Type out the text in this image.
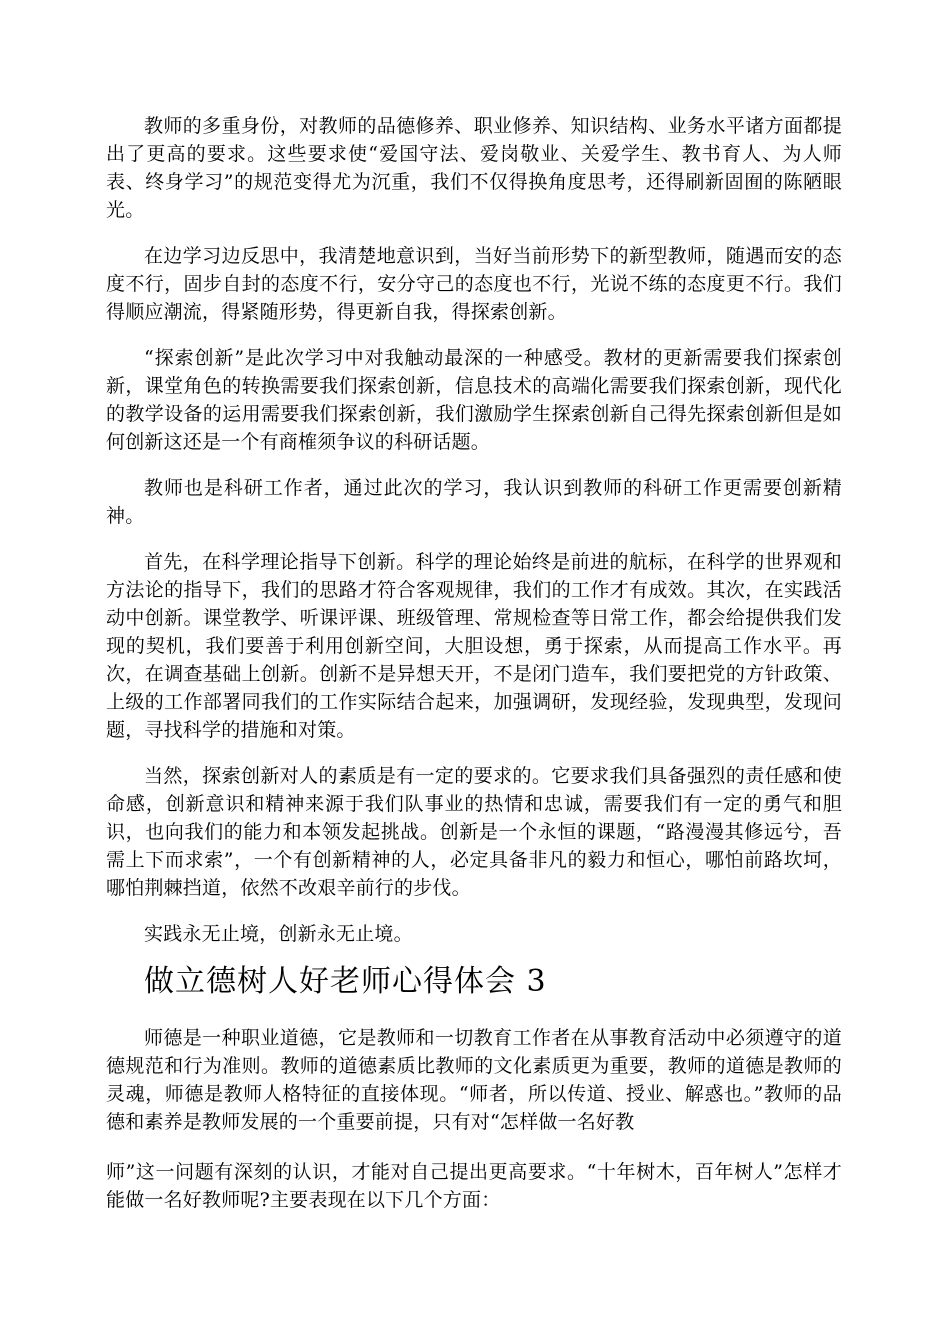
教师的多重身份，对教师的品德修养、职业修养、知识结构、业务水平诸方面都提出了更高的要求。这些要求使“爱国守法、爱岗敬业、关爱学生、教书育人、为人师表、终身学习”的规范变得尤为沉重，我们不仅得换角度思考，还得刷新固囿的陈陋眼光。

在边学习边反思中，我清楚地意识到，当好当前形势下的新型教师，随遇而安的态度不行，固步自封的态度不行，安分守己的态度也不行，光说不练的态度更不行。我们得顺应潮流，得紧随形势，得更新自我，得探索创新。

“探索创新”是此次学习中对我触动最深的一种感受。教材的更新需要我们探索创新，课堂角色的转换需要我们探索创新，信息技术的高端化需要我们探索创新，现代化的教学设备的运用需要我们探索创新，我们激励学生探索创新自己得先探索创新但是如何创新这还是一个有商榷须争议的科研话题。

教师也是科研工作者，通过此次的学习，我认识到教师的科研工作更需要创新精神。

首先，在科学理论指导下创新。科学的理论始终是前进的航标，在科学的世界观和方法论的指导下，我们的思路才符合客观规律，我们的工作才有成效。其次，在实践活动中创新。课堂教学、听课评课、班级管理、常规检查等日常工作，都会给提供我们发现的契机，我们要善于利用创新空间，大胆设想，勇于探索，从而提高工作水平。再次，在调查基础上创新。创新不是异想天开，不是闭门造车，我们要把党的方针政策、上级的工作部署同我们的工作实际结合起来，加强调研，发现经验，发现典型，发现问题，寻找科学的措施和对策。

当然，探索创新对人的素质是有一定的要求的。它要求我们具备强烈的责任感和使命感，创新意识和精神来源于我们队事业的热情和忠诚，需要我们有一定的勇气和胆识，也向我们的能力和本领发起挑战。创新是一个永恒的课题，“路漫漫其修远兮，吾需上下而求索”，一个有创新精神的人，必定具备非凡的毅力和恒心，哪怕前路坎坷，哪怕荆棘挡道，依然不改艰辛前行的步伐。

实践永无止境，创新永无止境。

做立德树人好老师心得体会 3

师德是一种职业道德，它是教师和一切教育工作者在从事教育活动中必须遵守的道德规范和行为准则。教师的道德素质比教师的文化素质更为重要，教师的道德是教师的灵魂，师德是教师人格特征的直接体现。“师者，所以传道、授业、解惑也。”教师的品德和素养是教师发展的一个重要前提，只有对“怎样做一名好教

师”这一问题有深刻的认识，才能对自己提出更高要求。“十年树木，百年树人”怎样才能做一名好教师呢?主要表现在以下几个方面：
